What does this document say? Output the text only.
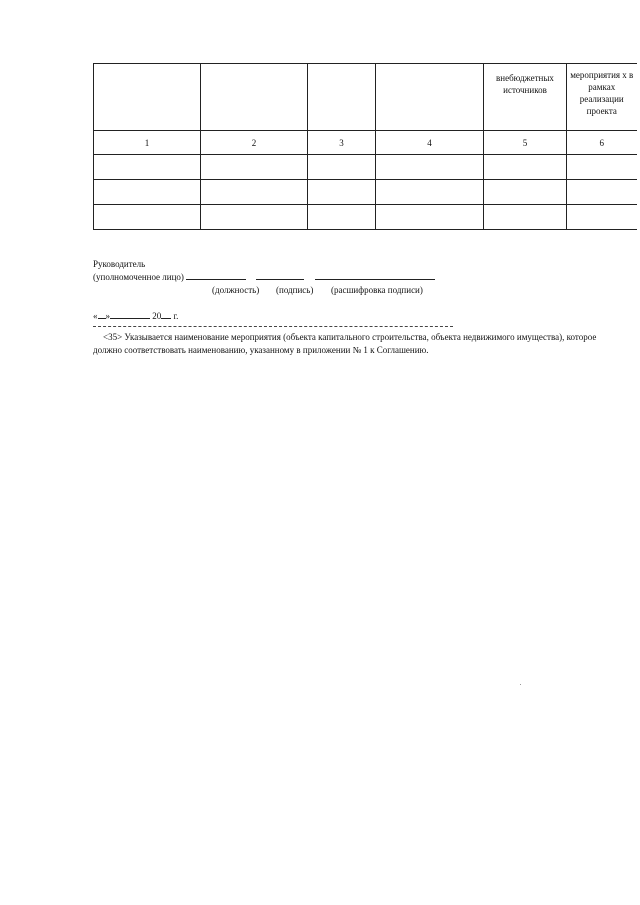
				внебюджетных источников	мероприятия х в рамках реализации проекта
1	2	3	4	5	6

Руководитель
(уполномоченное лицо)
(должность) (подпись) (расшифровка подписи)
« »	20 г.
<35> Указывается наименование мероприятия (объекта капитального строительства, объекта недвижимого имущества), которое должно соответствовать наименованию, указанному в приложении № 1 к Соглашению.
